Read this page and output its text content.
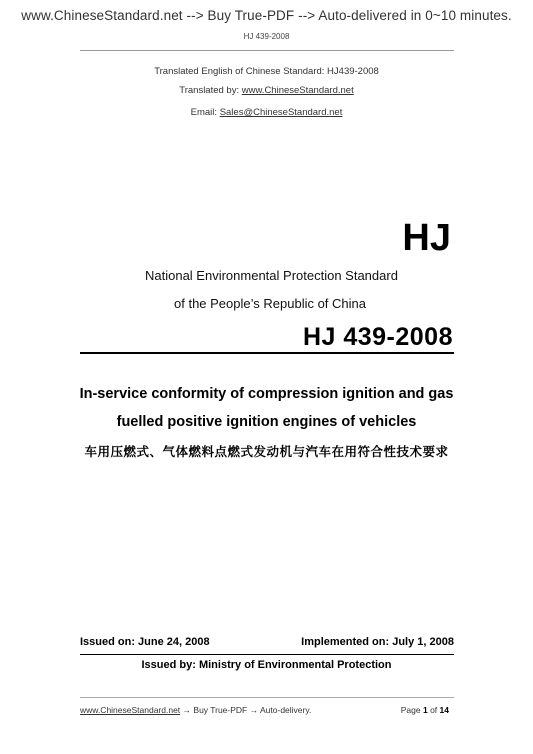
www.ChineseStandard.net --> Buy True-PDF --> Auto-delivered in 0~10 minutes.
HJ 439-2008
Translated English of Chinese Standard: HJ439-2008
Translated by: www.ChineseStandard.net
Email: Sales@ChineseStandard.net
HJ
National Environmental Protection Standard
of the People’s Republic of China
HJ 439-2008
In-service conformity of compression ignition and gas
fuelled positive ignition engines of vehicles
车用压燃式、气体燃料点燃式发动机与汽车在用符合性技术要求
Issued on: June 24, 2008	Implemented on: July 1, 2008
Issued by: Ministry of Environmental Protection
www.ChineseStandard.net → Buy True-PDF → Auto-delivery.	Page 1 of 14
